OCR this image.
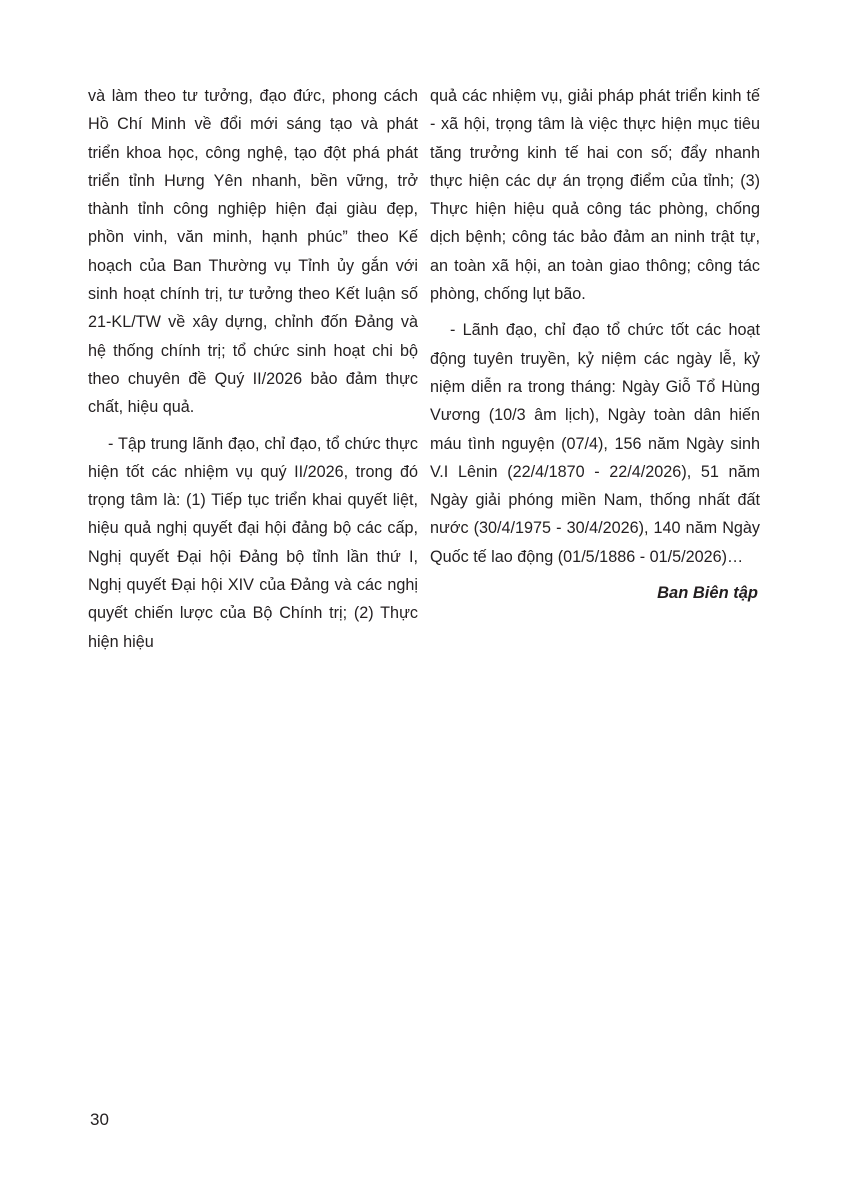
và làm theo tư tưởng, đạo đức, phong cách Hồ Chí Minh về đổi mới sáng tạo và phát triển khoa học, công nghệ, tạo đột phá phát triển tỉnh Hưng Yên nhanh, bền vững, trở thành tỉnh công nghiệp hiện đại giàu đẹp, phồn vinh, văn minh, hạnh phúc” theo Kế hoạch của Ban Thường vụ Tỉnh ủy gắn với sinh hoạt chính trị, tư tưởng theo Kết luận số 21-KL/TW về xây dựng, chỉnh đốn Đảng và hệ thống chính trị; tổ chức sinh hoạt chi bộ theo chuyên đề Quý II/2026 bảo đảm thực chất, hiệu quả.

- Tập trung lãnh đạo, chỉ đạo, tổ chức thực hiện tốt các nhiệm vụ quý II/2026, trong đó trọng tâm là: (1) Tiếp tục triển khai quyết liệt, hiệu quả nghị quyết đại hội đảng bộ các cấp, Nghị quyết Đại hội Đảng bộ tỉnh lần thứ I, Nghị quyết Đại hội XIV của Đảng và các nghị quyết chiến lược của Bộ Chính trị; (2) Thực hiện hiệu

quả các nhiệm vụ, giải pháp phát triển kinh tế - xã hội, trọng tâm là việc thực hiện mục tiêu tăng trưởng kinh tế hai con số; đẩy nhanh thực hiện các dự án trọng điểm của tỉnh; (3) Thực hiện hiệu quả công tác phòng, chống dịch bệnh; công tác bảo đảm an ninh trật tự, an toàn xã hội, an toàn giao thông; công tác phòng, chống lụt bão.

- Lãnh đạo, chỉ đạo tổ chức tốt các hoạt động tuyên truyền, kỷ niệm các ngày lễ, kỷ niệm diễn ra trong tháng: Ngày Giỗ Tổ Hùng Vương (10/3 âm lịch), Ngày toàn dân hiến máu tình nguyện (07/4), 156 năm Ngày sinh V.I Lênin (22/4/1870 - 22/4/2026), 51 năm Ngày giải phóng miền Nam, thống nhất đất nước (30/4/1975 - 30/4/2026), 140 năm Ngày Quốc tế lao động (01/5/1886 - 01/5/2026)…

Ban Biên tập

30
